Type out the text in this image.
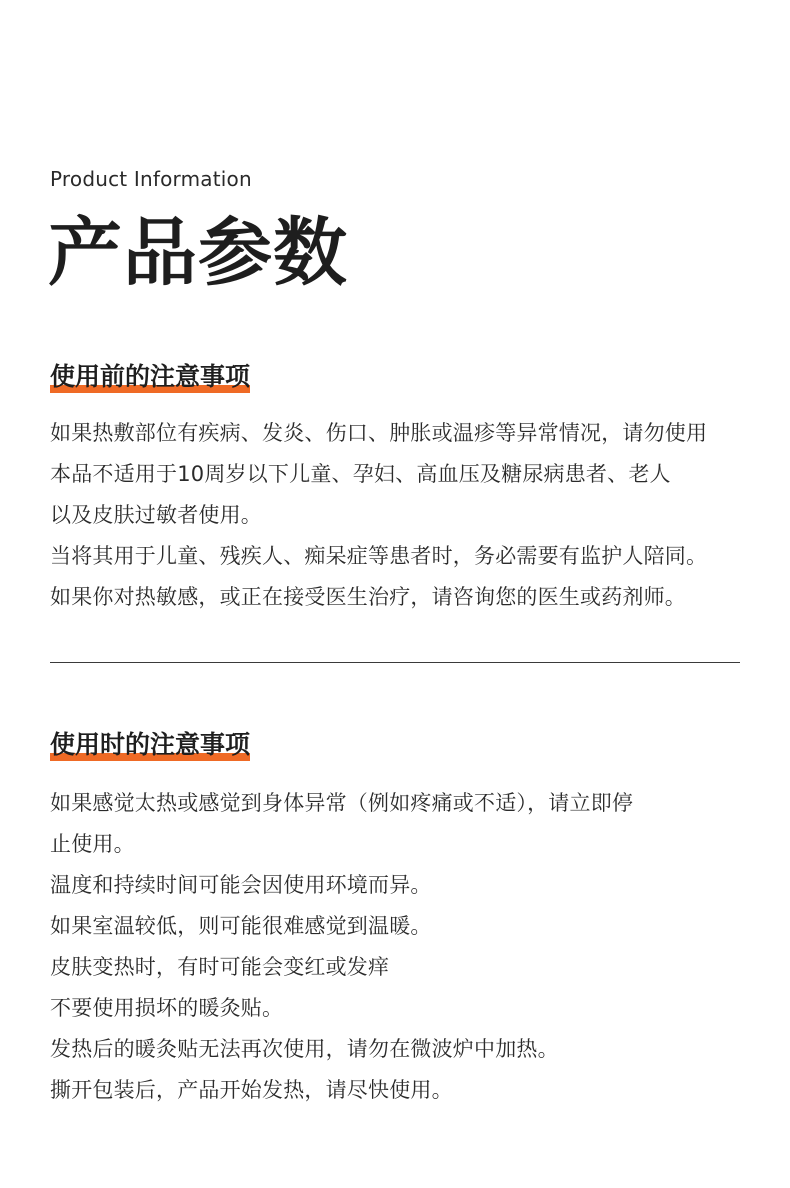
Product Information
产品参数
使用前的注意事项
如果热敷部位有疾病、发炎、伤口、肿胀或温疹等异常情况，请勿使用
本品不适用于10周岁以下儿童、孕妇、高血压及糖尿病患者、老人
以及皮肤过敏者使用。
当将其用于儿童、残疾人、痴呆症等患者时，务必需要有监护人陪同。
如果你对热敏感，或正在接受医生治疗，请咨询您的医生或药剂师。
使用时的注意事项
如果感觉太热或感觉到身体异常（例如疼痛或不适），请立即停
止使用。
温度和持续时间可能会因使用环境而异。
如果室温较低，则可能很难感觉到温暖。
皮肤变热时，有时可能会变红或发痒
不要使用损坏的暖灸贴。
发热后的暖灸贴无法再次使用，请勿在微波炉中加热。
撕开包装后，产品开始发热，请尽快使用。
